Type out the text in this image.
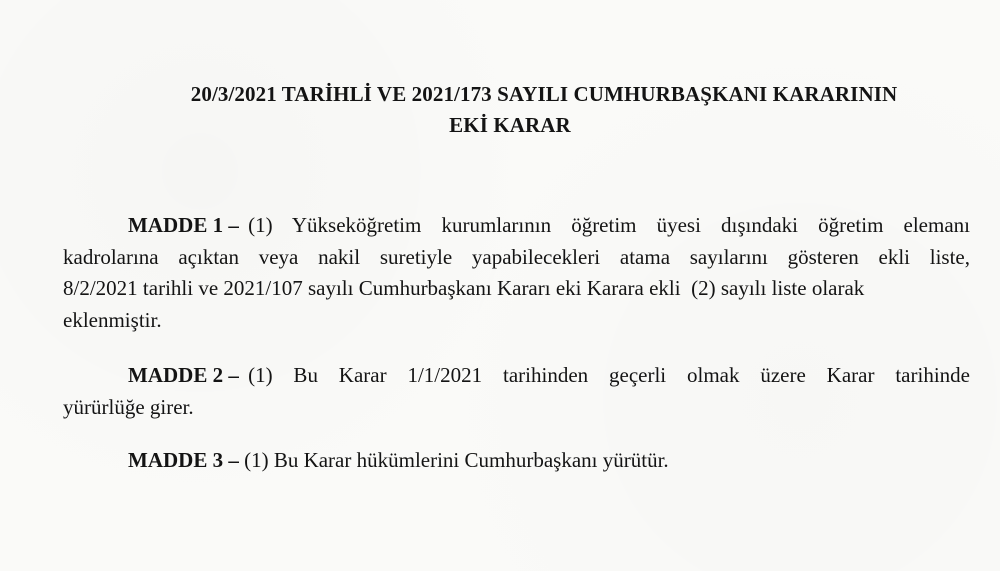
20/3/2021 TARİHLİ VE 2021/173 SAYILI CUMHURBAŞKANI KARARININ
EKİ KARAR
MADDE 1 – (1) Yükseköğretim kurumlarının öğretim üyesi dışındaki öğretim elemanı
kadrolarına açıktan veya nakil suretiyle yapabilecekleri atama sayılarını gösteren ekli liste,
8/2/2021 tarihli ve 2021/107 sayılı Cumhurbaşkanı Kararı eki Karara ekli  (2) sayılı liste olarak
eklenmiştir.
MADDE 2 – (1) Bu Karar 1/1/2021 tarihinden geçerli olmak üzere Karar tarihinde
yürürlüğe girer.
MADDE 3 – (1) Bu Karar hükümlerini Cumhurbaşkanı yürütür.
